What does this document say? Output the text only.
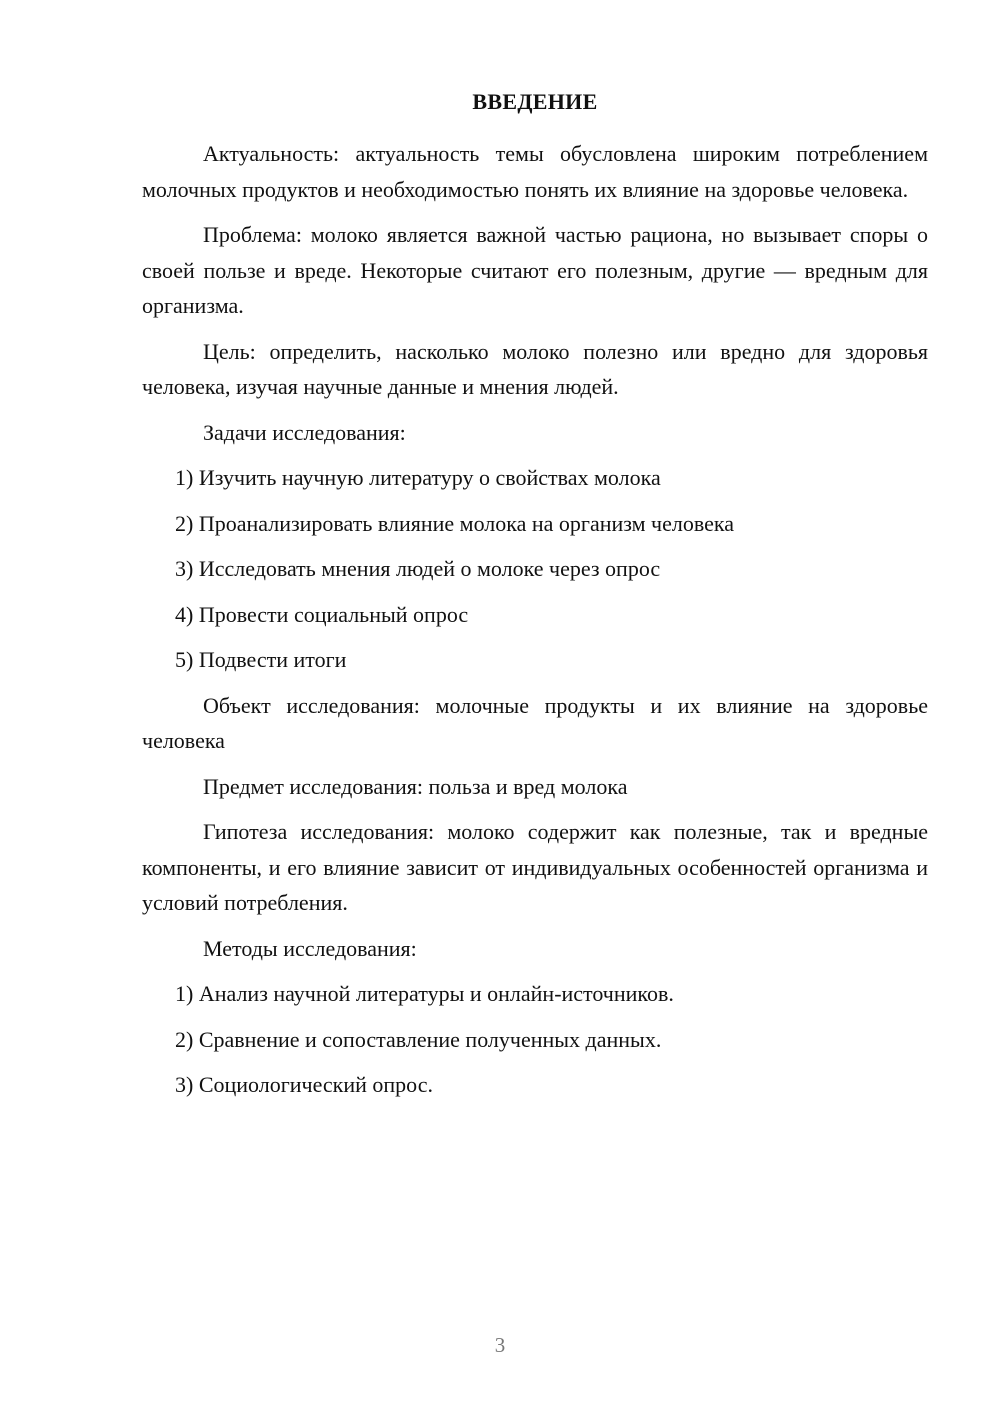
ВВЕДЕНИЕ

Актуальность: актуальность темы обусловлена широким потреблением молочных продуктов и необходимостью понять их влияние на здоровье человека.

Проблема: молоко является важной частью рациона, но вызывает споры о своей пользе и вреде. Некоторые считают его полезным, другие — вредным для организма.

Цель: определить, насколько молоко полезно или вредно для здоровья человека, изучая научные данные и мнения людей.

Задачи исследования:

1) Изучить научную литературу о свойствах молока
2) Проанализировать влияние молока на организм человека
3) Исследовать мнения людей о молоке через опрос
4) Провести социальный опрос
5) Подвести итоги

Объект исследования: молочные продукты и их влияние на здоровье человека

Предмет исследования: польза и вред молока

Гипотеза исследования: молоко содержит как полезные, так и вредные компоненты, и его влияние зависит от индивидуальных особенностей организма и условий потребления.

Методы исследования:

1) Анализ научной литературы и онлайн-источников.
2) Сравнение и сопоставление полученных данных.
3) Социологический опрос.
3
